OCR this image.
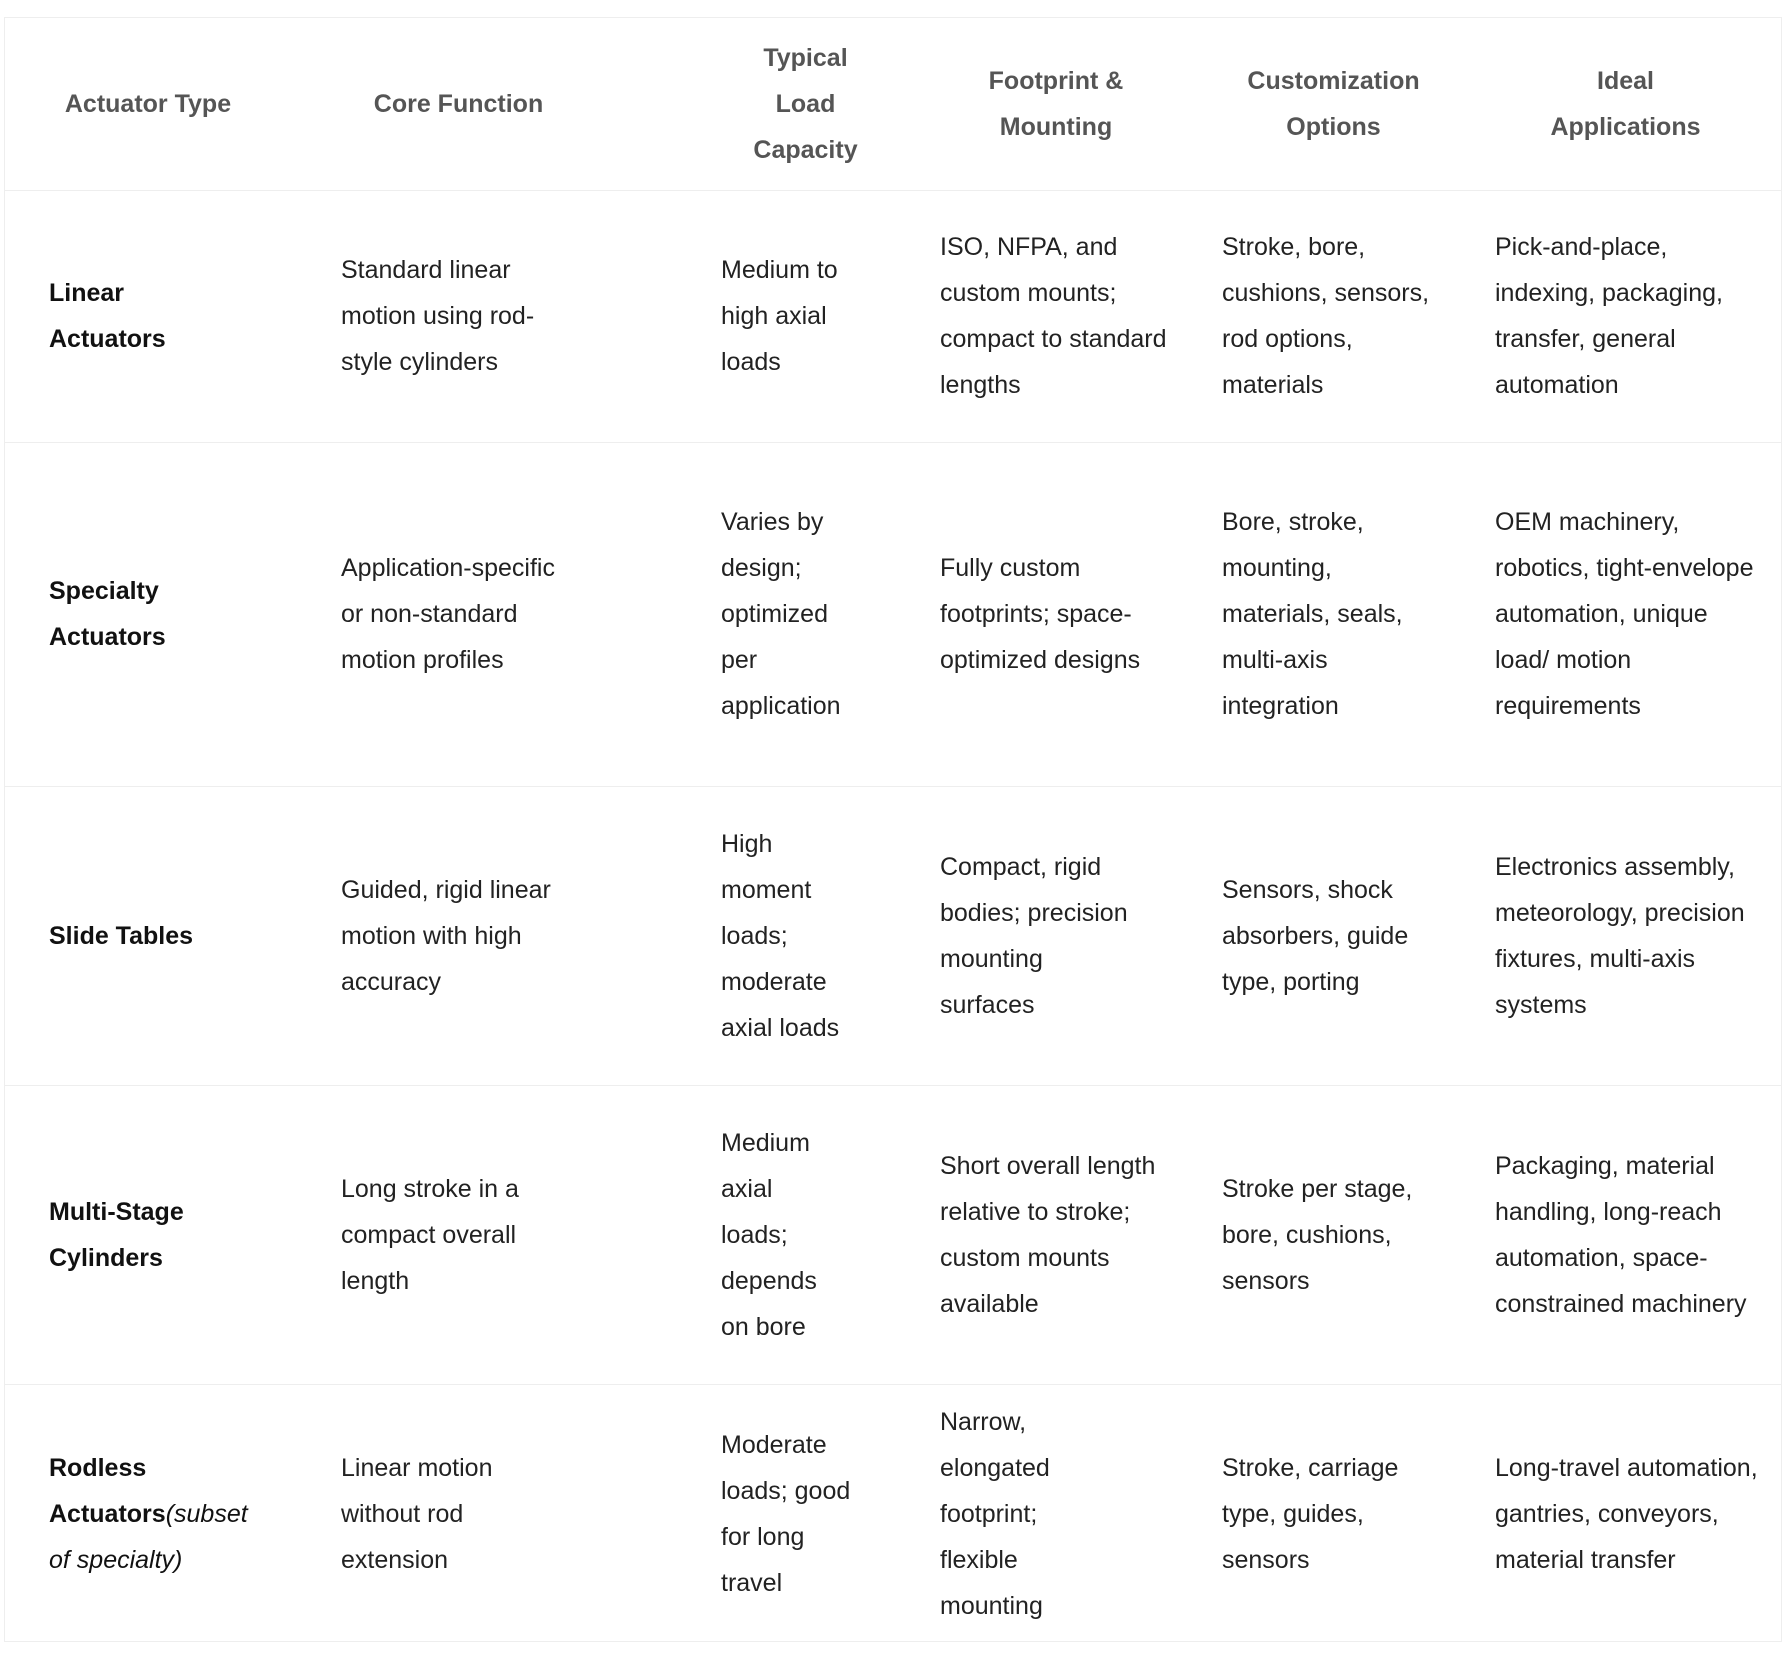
Actuator Type	Core Function	Typical Load Capacity	Footprint & Mounting	Customization Options	Ideal Applications
Linear Actuators	Standard linear motion using rod-style cylinders	Medium to high axial loads	ISO, NFPA, and custom mounts; compact to standard lengths	Stroke, bore, cushions, sensors, rod options, materials	Pick-and-place, indexing, packaging, transfer, general automation
Specialty Actuators	Application-specific or non-standard motion profiles	Varies by design; optimized per application	Fully custom footprints; space-optimized designs	Bore, stroke, mounting, materials, seals, multi-axis integration	OEM machinery, robotics, tight-envelope automation, unique load/ motion requirements
Slide Tables	Guided, rigid linear motion with high accuracy	High moment loads; moderate axial loads	Compact, rigid bodies; precision mounting surfaces	Sensors, shock absorbers, guide type, porting	Electronics assembly, meteorology, precision fixtures, multi-axis systems
Multi-Stage Cylinders	Long stroke in a compact overall length	Medium axial loads; depends on bore	Short overall length relative to stroke; custom mounts available	Stroke per stage, bore, cushions, sensors	Packaging, material handling, long-reach automation, space-constrained machinery
Rodless Actuators(subset of specialty)	Linear motion without rod extension	Moderate loads; good for long travel	Narrow, elongated footprint; flexible mounting	Stroke, carriage type, guides, sensors	Long-travel automation, gantries, conveyors, material transfer
